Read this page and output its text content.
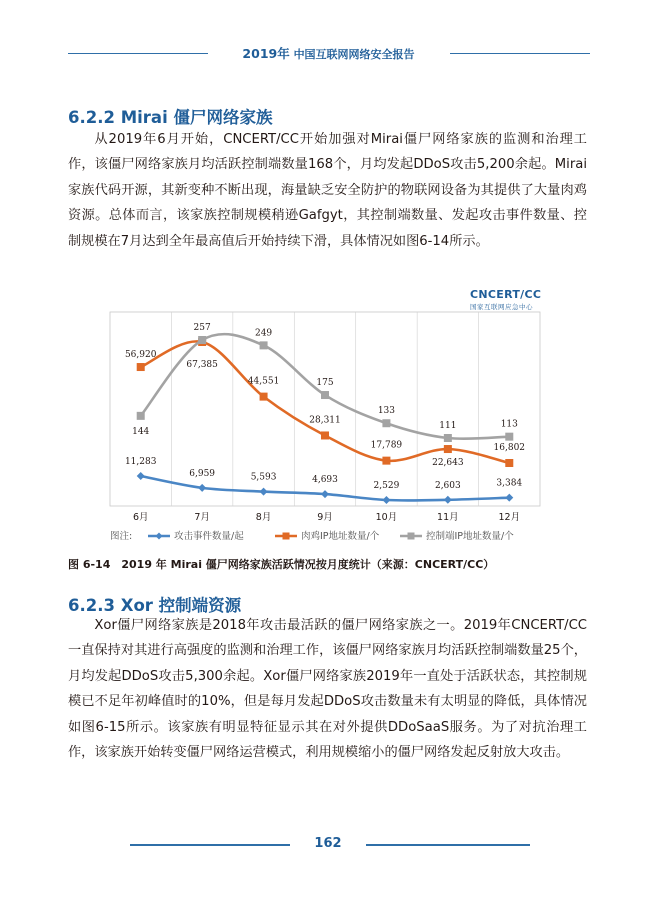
2019年 中国互联网网络安全报告
6.2.2 Mirai 僵尸网络家族
从2019年6月开始，CNCERT/CC开始加强对Mirai僵尸网络家族的监测和治理工作，该僵尸网络家族月均活跃控制端数量168个，月均发起DDoS攻击5,200余起。Mirai家族代码开源，其新变种不断出现，海量缺乏安全防护的物联网设备为其提供了大量肉鸡资源。总体而言，该家族控制规模稍逊Gafgyt，其控制端数量、发起攻击事件数量、控制规模在7月达到全年最高值后开始持续下滑，具体情况如图6-14所示。
CNCERT/CC
国家互联网应急中心
11,283
6,959	5,593	4,693
2,529	2,603	3,384
56,920
67,385
44,551
28,311
17,789
22,643
16,802
144
257
249
175
133
111	113
6月	7月	8月	9月	10月	11月	12月
图注:	攻击事件数量/起	肉鸡IP地址数量/个	控制端IP地址数量/个
图 6-14　2019 年 Mirai 僵尸网络家族活跃情况按月度统计（来源：CNCERT/CC）
6.2.3 Xor 控制端资源
Xor僵尸网络家族是2018年攻击最活跃的僵尸网络家族之一。2019年CNCERT/CC一直保持对其进行高强度的监测和治理工作，该僵尸网络家族月均活跃控制端数量25个，月均发起DDoS攻击5,300余起。Xor僵尸网络家族2019年一直处于活跃状态，其控制规模已不足年初峰值时的10%，但是每月发起DDoS攻击数量未有太明显的降低，具体情况如图6-15所示。该家族有明显特征显示其在对外提供DDoSaaS服务。为了对抗治理工作，该家族开始转变僵尸网络运营模式，利用规模缩小的僵尸网络发起反射放大攻击。
162
